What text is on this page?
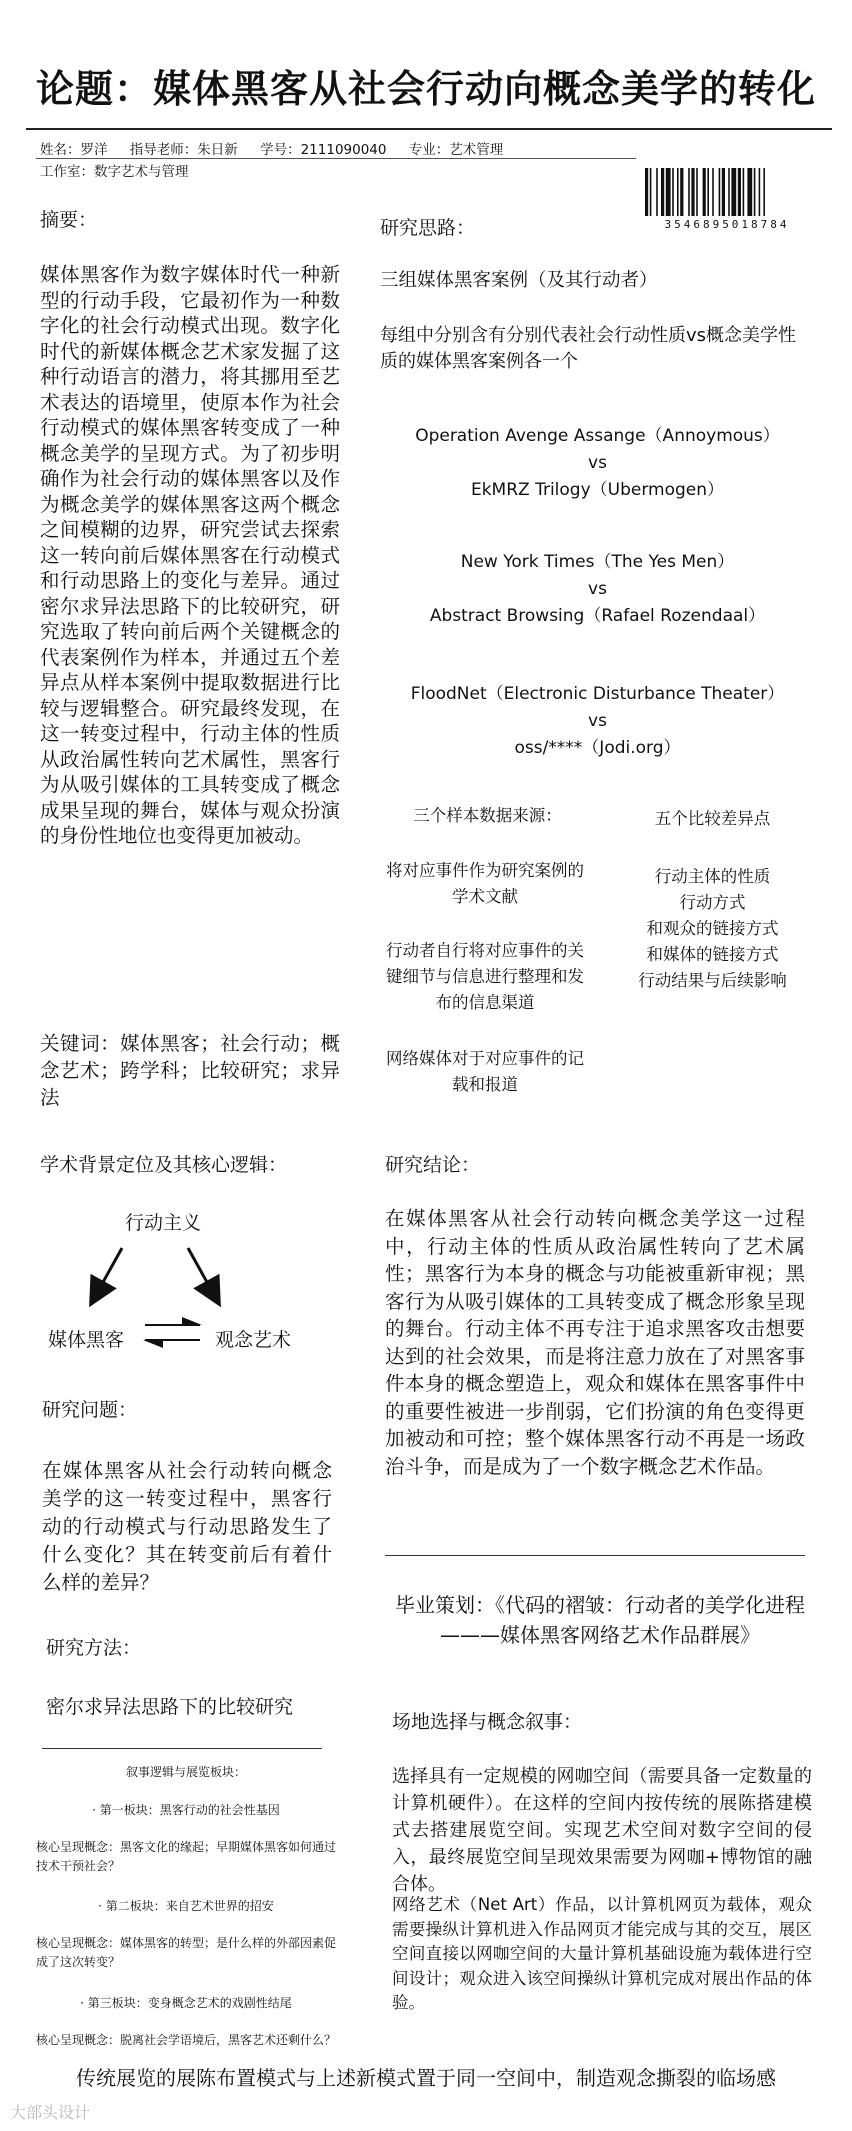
论题：媒体黑客从社会行动向概念美学的转化
姓名：罗洋 指导老师：朱日新 学号：2111090040 专业：艺术管理
工作室：数字艺术与管理
3546895018784
摘要：
媒体黑客作为数字媒体时代一种新型的行动手段，它最初作为一种数字化的社会行动模式出现。数字化时代的新媒体概念艺术家发掘了这种行动语言的潜力，将其挪用至艺术表达的语境里，使原本作为社会行动模式的媒体黑客转变成了一种概念美学的呈现方式。为了初步明确作为社会行动的媒体黑客以及作为概念美学的媒体黑客这两个概念之间模糊的边界，研究尝试去探索这一转向前后媒体黑客在行动模式和行动思路上的变化与差异。通过密尔求异法思路下的比较研究，研究选取了转向前后两个关键概念的代表案例作为样本，并通过五个差异点从样本案例中提取数据进行比较与逻辑整合。研究最终发现，在这一转变过程中，行动主体的性质从政治属性转向艺术属性，黑客行为从吸引媒体的工具转变成了概念成果呈现的舞台，媒体与观众扮演的身份性地位也变得更加被动。
关键词：媒体黑客；社会行动；概念艺术；跨学科；比较研究；求异法
研究思路：
三组媒体黑客案例（及其行动者）
每组中分别含有分别代表社会行动性质vs概念美学性质的媒体黑客案例各一个
Operation Avenge Assange（Annoymous）
vs
EkMRZ Trilogy（Ubermogen）
New York Times（The Yes Men）
vs
Abstract Browsing（Rafael Rozendaal）
FloodNet（Electronic Disturbance Theater）
vs
oss/****（Jodi.org）
三个样本数据来源：
将对应事件作为研究案例的学术文献
行动者自行将对应事件的关键细节与信息进行整理和发布的信息渠道
网络媒体对于对应事件的记载和报道
五个比较差异点
行动主体的性质
行动方式
和观众的链接方式
和媒体的链接方式
行动结果与后续影响
学术背景定位及其核心逻辑：
行动主义
媒体黑客	观念艺术
研究问题：
在媒体黑客从社会行动转向概念美学的这一转变过程中，黑客行动的行动模式与行动思路发生了什么变化？其在转变前后有着什么样的差异？
研究方法：
密尔求异法思路下的比较研究
叙事逻辑与展览板块：
· 第一板块：黑客行动的社会性基因
核心呈现概念：黑客文化的缘起；早期媒体黑客如何通过技术干预社会？
· 第二板块：来自艺术世界的招安
核心呈现概念：媒体黑客的转型；是什么样的外部因素促成了这次转变？
· 第三板块：变身概念艺术的戏剧性结尾
核心呈现概念：脱离社会学语境后，黑客艺术还剩什么？
研究结论：
在媒体黑客从社会行动转向概念美学这一过程中，行动主体的性质从政治属性转向了艺术属性；黑客行为本身的概念与功能被重新审视；黑客行为从吸引媒体的工具转变成了概念形象呈现的舞台。行动主体不再专注于追求黑客攻击想要达到的社会效果，而是将注意力放在了对黑客事件本身的概念塑造上，观众和媒体在黑客事件中的重要性被进一步削弱，它们扮演的角色变得更加被动和可控；整个媒体黑客行动不再是一场政治斗争，而是成为了一个数字概念艺术作品。
毕业策划：《代码的褶皱：行动者的美学化进程———媒体黑客网络艺术作品群展》
场地选择与概念叙事：
选择具有一定规模的网咖空间（需要具备一定数量的计算机硬件）。在这样的空间内按传统的展陈搭建模式去搭建展览空间。实现艺术空间对数字空间的侵入，最终展览空间呈现效果需要为网咖+博物馆的融合体。
网络艺术（Net Art）作品，以计算机网页为载体，观众需要操纵计算机进入作品网页才能完成与其的交互，展区空间直接以网咖空间的大量计算机基础设施为载体进行空间设计；观众进入该空间操纵计算机完成对展出作品的体验。
传统展览的展陈布置模式与上述新模式置于同一空间中，制造观念撕裂的临场感
大部头设计
